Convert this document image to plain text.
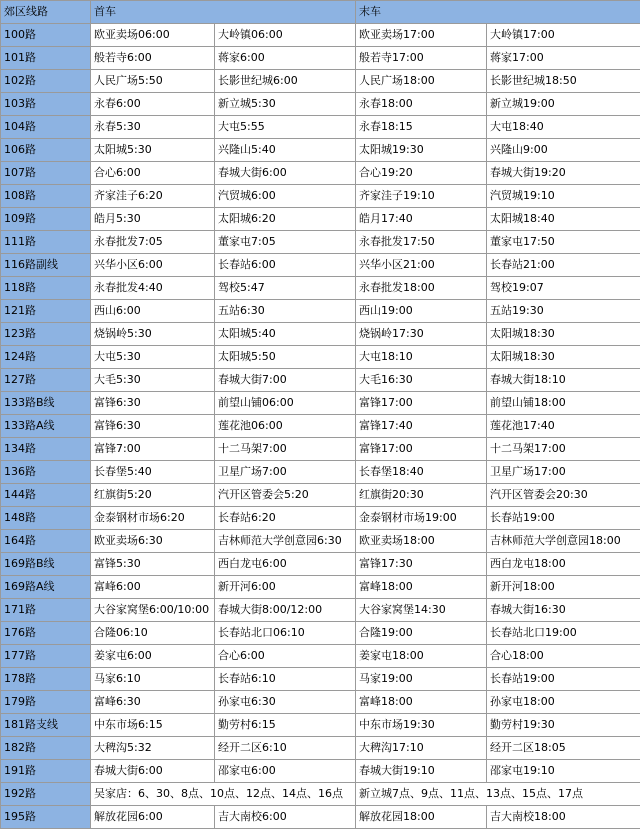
郊区线路	首车		末车	
100路	欧亚卖场06:00	大岭镇06:00	欧亚卖场17:00	大岭镇17:00
101路	般若寺6:00	蒋家6:00	般若寺17:00	蒋家17:00
102路	人民广场5:50	长影世纪城6:00	人民广场18:00	长影世纪城18:50
103路	永春6:00	新立城5:30	永春18:00	新立城19:00
104路	永春5:30	大屯5:55	永春18:15	大屯18:40
106路	太阳城5:30	兴隆山5:40	太阳城19:30	兴隆山9:00
107路	合心6:00	春城大街6:00	合心19:20	春城大街19:20
108路	齐家洼子6:20	汽贸城6:00	齐家洼子19:10	汽贸城19:10
109路	皓月5:30	太阳城6:20	皓月17:40	太阳城18:40
111路	永春批发7:05	董家屯7:05	永春批发17:50	董家屯17:50
116路副线	兴华小区6:00	长春站6:00	兴华小区21:00	长春站21:00
118路	永春批发4:40	驾校5:47	永春批发18:00	驾校19:07
121路	西山6:00	五站6:30	西山19:00	五站19:30
123路	烧锅岭5:30	太阳城5:40	烧锅岭17:30	太阳城18:30
124路	大屯5:30	太阳城5:50	大屯18:10	太阳城18:30
127路	大毛5:30	春城大街7:00	大毛16:30	春城大街18:10
133路B线	富锋6:30	前望山铺06:00	富锋17:00	前望山铺18:00
133路A线	富锋6:30	莲花池06:00	富锋17:40	莲花池17:40
134路	富锋7:00	十二马架7:00	富锋17:00	十二马架17:00
136路	长春堡5:40	卫星广场7:00	长春堡18:40	卫星广场17:00
144路	红旗街5:20	汽开区管委会5:20	红旗街20:30	汽开区管委会20:30
148路	金泰钢材市场6:20	长春站6:20	金泰钢材市场19:00	长春站19:00
164路	欧亚卖场6:30	吉林师范大学创意园6:30	欧亚卖场18:00	吉林师范大学创意园18:00
169路B线	富锋5:30	西白龙屯6:00	富锋17:30	西白龙屯18:00
169路A线	富峰6:00	新开河6:00	富峰18:00	新开河18:00
171路	大谷家窝堡6:00/10:00	春城大街8:00/12:00	大谷家窝堡14:30	春城大街16:30
176路	合隆06:10	长春站北口06:10	合隆19:00	长春站北口19:00
177路	姜家屯6:00	合心6:00	姜家屯18:00	合心18:00
178路	马家6:10	长春站6:10	马家19:00	长春站19:00
179路	富峰6:30	孙家屯6:30	富峰18:00	孙家屯18:00
181路支线	中东市场6:15	勤劳村6:15	中东市场19:30	勤劳村19:30
182路	大稗沟5:32	经开二区6:10	大稗沟17:10	经开二区18:05
191路	春城大街6:00	邵家屯6:00	春城大街19:10	邵家屯19:10
192路	吴家店：6、30、8点、10点、12点、14点、16点		新立城7点、9点、11点、13点、15点、17点	
195路	解放花园6:00	吉大南校6:00	解放花园18:00	吉大南校18:00
